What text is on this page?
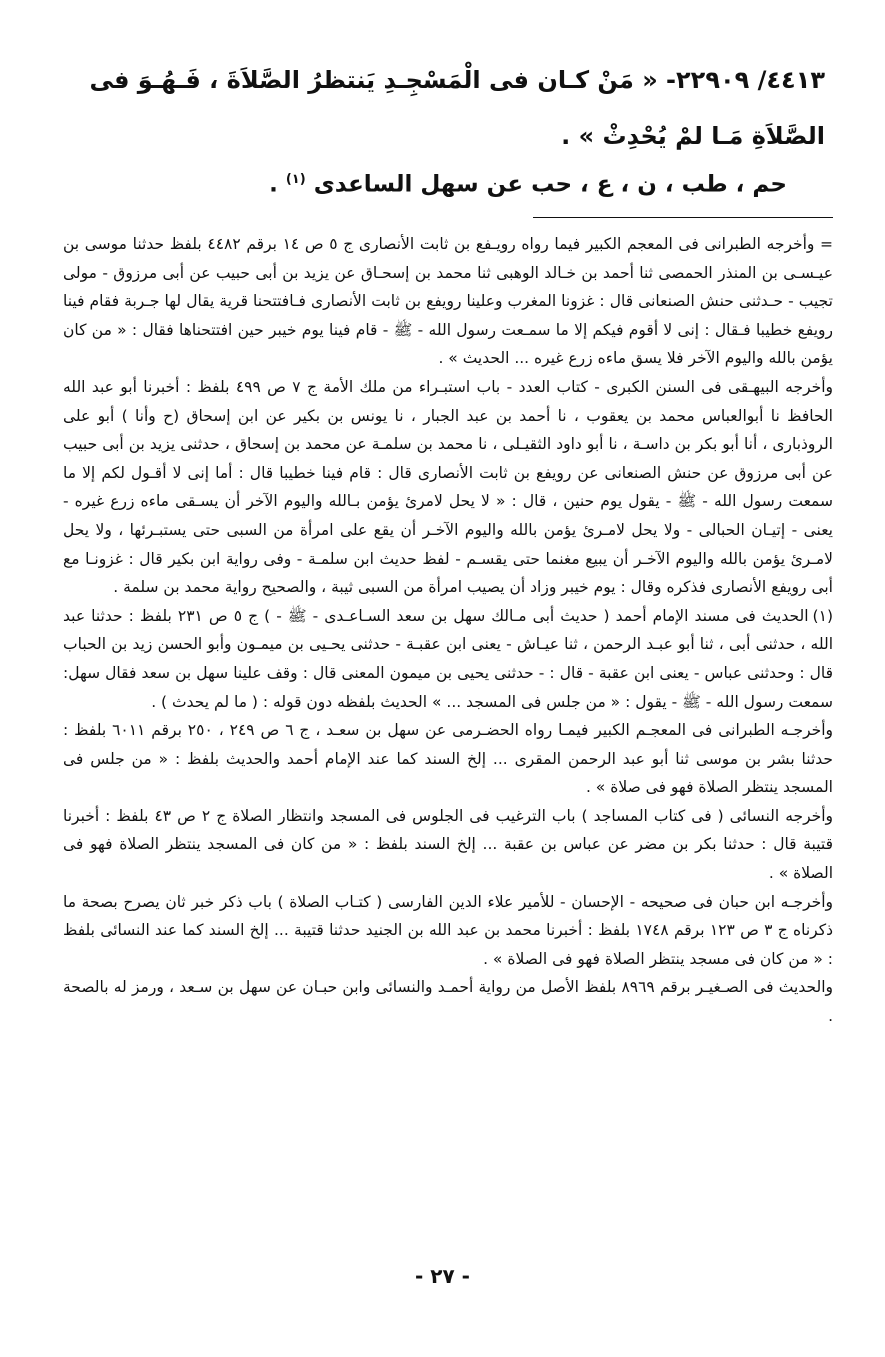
٤٤١٣/ ٢٢٩٠٩- « مَنْ كـان فى الْمَسْجِـدِ يَنتظرُ الصَّلاَةَ ، فَـهُـوَ فى الصَّلاَةِ مَـا لمْ يُحْدِثْ » .
حم ، طب ، ن ، ع ، حب عن سهل الساعدى $^{(١)}$ .

= وأخرجه الطبرانى فى المعجم الكبير فيما رواه رويـفع بن ثابت الأنصارى ج ٥ ص ١٤ برقم ٤٤٨٢ بلفظ حدثنا موسى بن عيـسـى بن المنذر الحمصى ثنا أحمد بن خـالد الوهبى ثنا محمد بن إسحـاق عن يزيد بن أبى حبيب عن أبى مرزوق - مولى تجيب - حـدثنى حنش الصنعانى قال : غزونا المغرب وعلينا رويفع بن ثابت الأنصارى فـافتتحنا قرية يقال لها جـربة فقام فينا رويفع خطيبا فـقال : إنى لا أقوم فيكم إلا ما سمـعت رسول الله - ﷺ - قام فينا يوم خيبر حين افتتحناها فقال : « من كان يؤمن بالله واليوم الآخر فلا يسق ماءه زرع غيره ... الحديث » .

وأخرجه البيهـقى فى السنن الكبرى - كتاب العدد - باب استبـراء من ملك الأمة ج ٧ ص ٤٩٩ بلفظ : أخبرنا أبو عبد الله الحافظ نا أبوالعباس محمد بن يعقوب ، نا أحمد بن عبد الجبار ، نا يونس بن بكير عن ابن إسحاق (ح وأنا ) أبو على الروذبارى ، أنا أبو بكر بن داسـة ، نا أبو داود الثقيـلى ، نا محمد بن سلمـة عن محمد بن إسحاق ، حدثنى يزيد بن أبى حبيب عن أبى مرزوق عن حنش الصنعانى عن رويفع بن ثابت الأنصارى قال : قام فينا خطيبا قال : أما إنى لا أقـول لكم إلا ما سمعت رسول الله - ﷺ - يقول يوم حنين ، قال : « لا يحل لامرئ يؤمن بـالله واليوم الآخر أن يسـقى ماءه زرع غيره - يعنى - إتيـان الحبالى - ولا يحل لامـرئ يؤمن بالله واليوم الآخـر أن يقع على امرأة من السبى حتى يستبـرئها ، ولا يحل لامـرئ يؤمن بالله واليوم الآخـر أن يبيع مغنما حتى يقسـم - لفظ حديث ابن سلمـة - وفى رواية ابن بكير قال : غزونـا مع أبى رويفع الأنصارى فذكره وقال : يوم خيبر وزاد أن يصيب امرأة من السبى ثيبة ، والصحيح رواية محمد بن سلمة .

(١)الحديث فى مسند الإمام أحمد ( حديث أبى مـالك سهل بن سعد السـاعـدى - ﷺ - ) ج ٥ ص ٢٣١ بلفظ : حدثنا عبد الله ، حدثنى أبى ، ثنا أبو عبـد الرحمن ، ثنا عيـاش - يعنى ابن عقبـة - حدثنى يحـيى بن ميمـون وأبو الحسن زيد بن الحباب قال : وحدثنى عباس - يعنى ابن عقبة - قال : - حدثنى يحيى بن ميمون المعنى قال : وقف علينا سهل بن سعد فقال سهل: سمعت رسول الله - ﷺ - يقول : « من جلس فى المسجد ... » الحديث بلفظه دون قوله : ( ما لم يحدث ) .

وأخرجـه الطبرانى فى المعجـم الكبير فيمـا رواه الحضـرمى عن سهل بن سعـد ، ج ٦ ص ٢٤٩ ، ٢٥٠ برقم ٦٠١١ بلفظ : حدثنا بشر بن موسى ثنا أبو عبد الرحمن المقرى ... إلخ السند كما عند الإمام أحمد والحديث بلفظ : « من جلس فى المسجد ينتظر الصلاة فهو فى صلاة » .

وأخرجه النسائى ( فى كتاب المساجد ) باب الترغيب فى الجلوس فى المسجد وانتظار الصلاة ج ٢ ص ٤٣ بلفظ : أخبرنا قتيبة قال : حدثنا بكر بن مضر عن عباس بن عقبة ... إلخ السند بلفظ : « من كان فى المسجد ينتظر الصلاة فهو فى الصلاة » .

وأخرجـه ابن حبان فى صحيحه - الإحسان - للأمير علاء الدين الفارسى ( كتـاب الصلاة ) باب ذكر خبر ثان يصرح بصحة ما ذكرناه ج ٣ ص ١٢٣ برقم ١٧٤٨ بلفظ : أخبرنا محمد بن عبد الله بن الجنيد حدثنا قتيبة ... إلخ السند كما عند النسائى بلفظ : « من كان فى مسجد ينتظر الصلاة فهو فى الصلاة » .

والحديث فى الصـغيـر برقم ٨٩٦٩ بلفظ الأصل من رواية أحمـد والنسائى وابن حبـان عن سهل بن سـعد ، ورمز له بالصحة .

- ٢٧ -
